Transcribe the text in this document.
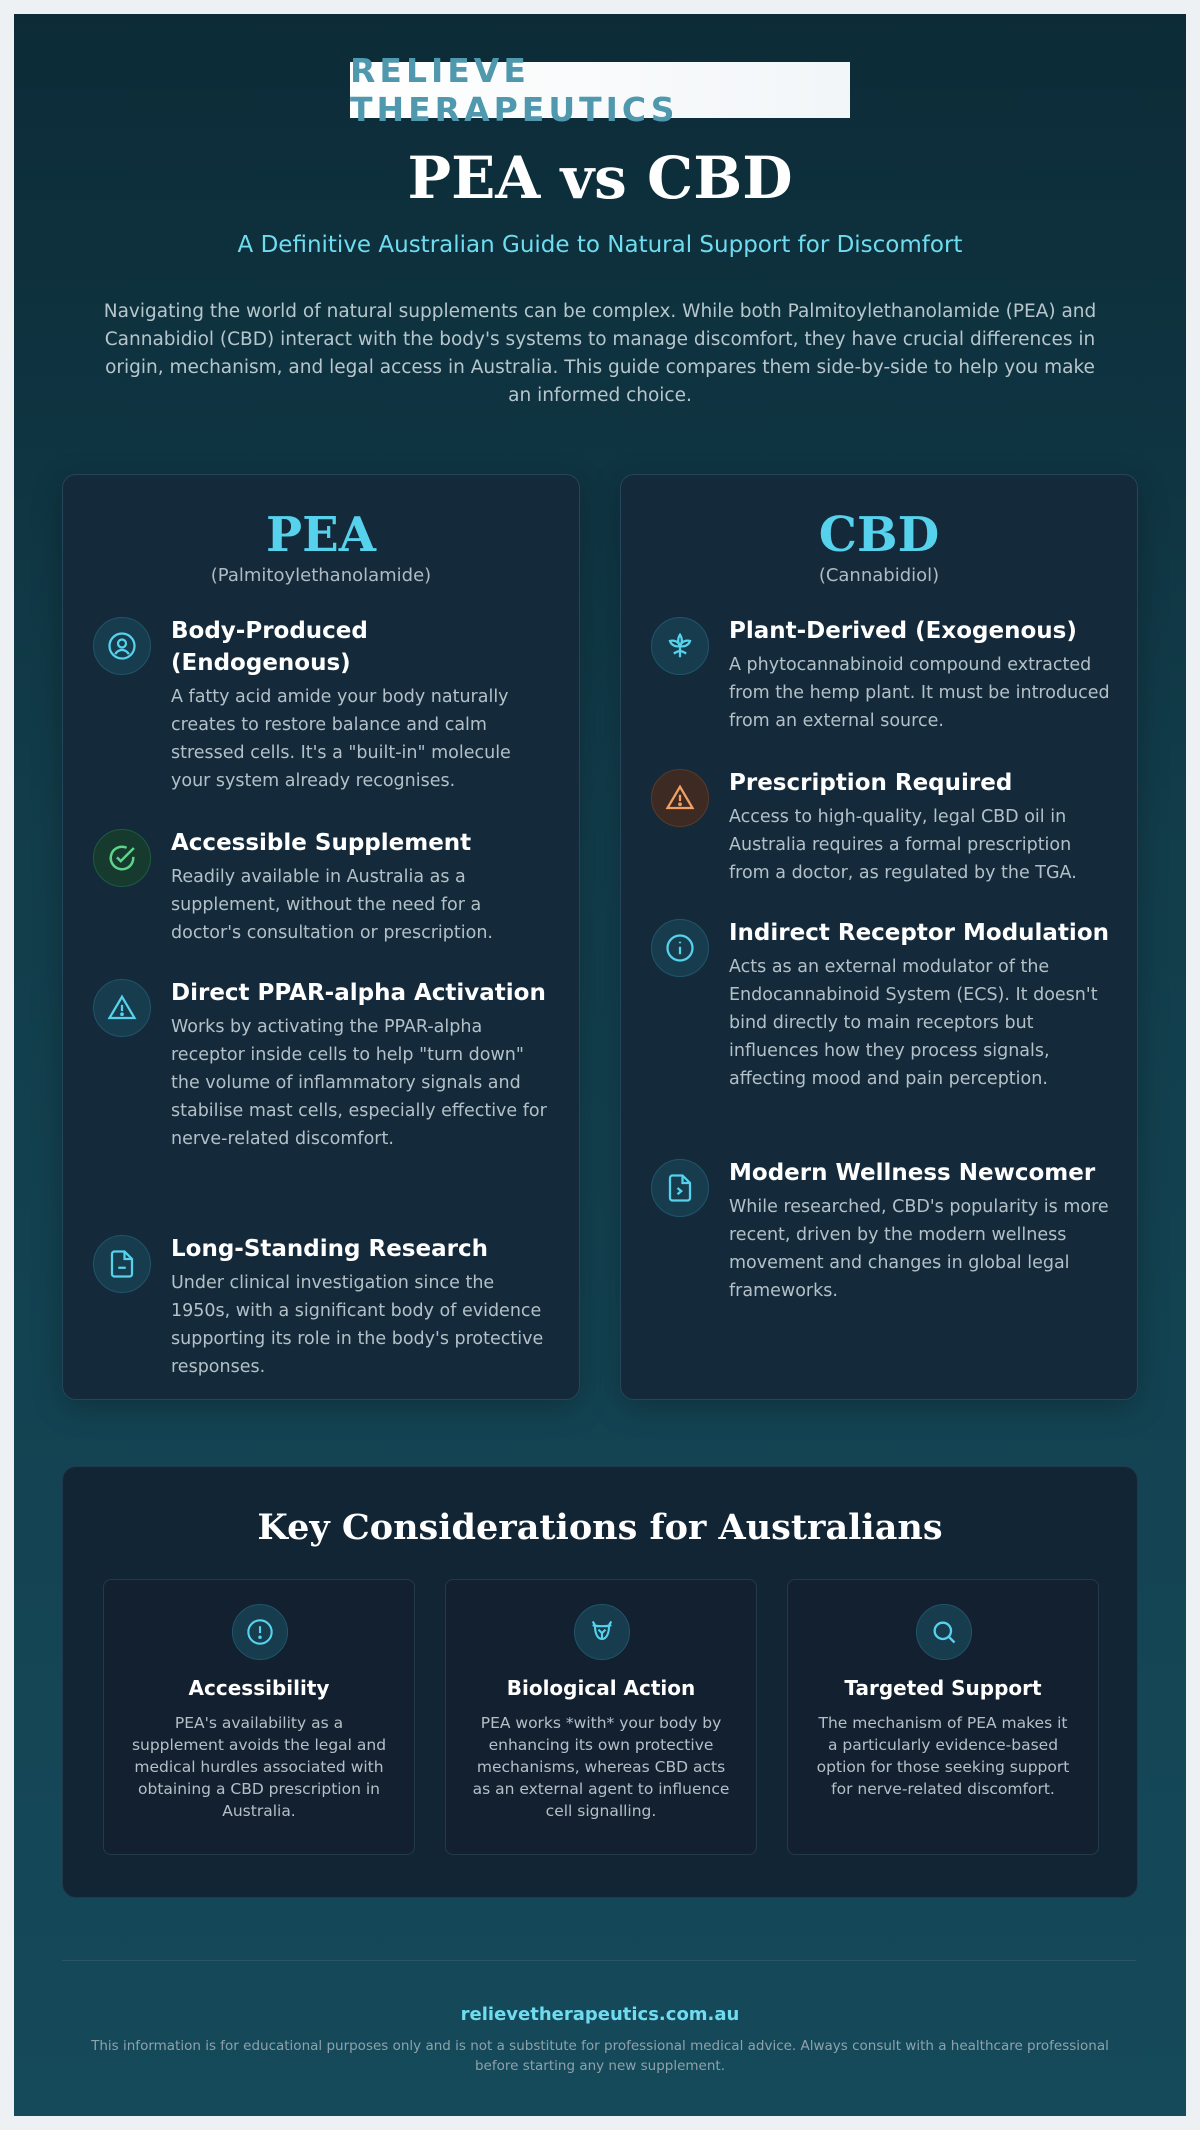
RELIEVE THERAPEUTICS
PEA vs CBD
A Definitive Australian Guide to Natural Support for Discomfort
Navigating the world of natural supplements can be complex. While both Palmitoylethanolamide (PEA) and Cannabidiol (CBD) interact with the body's systems to manage discomfort, they have crucial differences in origin, mechanism, and legal access in Australia. This guide compares them side-by-side to help you make an informed choice.
PEA
(Palmitoylethanolamide)
Body-Produced (Endogenous)

A fatty acid amide your body naturally creates to restore balance and calm stressed cells. It's a "built-in" molecule your system already recognises.

Accessible Supplement

Readily available in Australia as a supplement, without the need for a doctor's consultation or prescription.

Direct PPAR-alpha Activation

Works by activating the PPAR-alpha receptor inside cells to help "turn down" the volume of inflammatory signals and stabilise mast cells, especially effective for nerve-related discomfort.

Long-Standing Research

Under clinical investigation since the 1950s, with a significant body of evidence supporting its role in the body's protective responses.

CBD
(Cannabidiol)
Plant-Derived (Exogenous)

A phytocannabinoid compound extracted from the hemp plant. It must be introduced from an external source.

Prescription Required

Access to high-quality, legal CBD oil in Australia requires a formal prescription from a doctor, as regulated by the TGA.

Indirect Receptor Modulation

Acts as an external modulator of the Endocannabinoid System (ECS). It doesn't bind directly to main receptors but influences how they process signals, affecting mood and pain perception.

Modern Wellness Newcomer

While researched, CBD's popularity is more recent, driven by the modern wellness movement and changes in global legal frameworks.

Key Considerations for Australians
Accessibility

PEA's availability as a supplement avoids the legal and medical hurdles associated with obtaining a CBD prescription in Australia.

Biological Action

PEA works *with* your body by enhancing its own protective mechanisms, whereas CBD acts as an external agent to influence cell signalling.

Targeted Support

The mechanism of PEA makes it a particularly evidence-based option for those seeking support for nerve-related discomfort.

relievetherapeutics.com.au
This information is for educational purposes only and is not a substitute for professional medical advice. Always consult with a healthcare professional before starting any new supplement.
